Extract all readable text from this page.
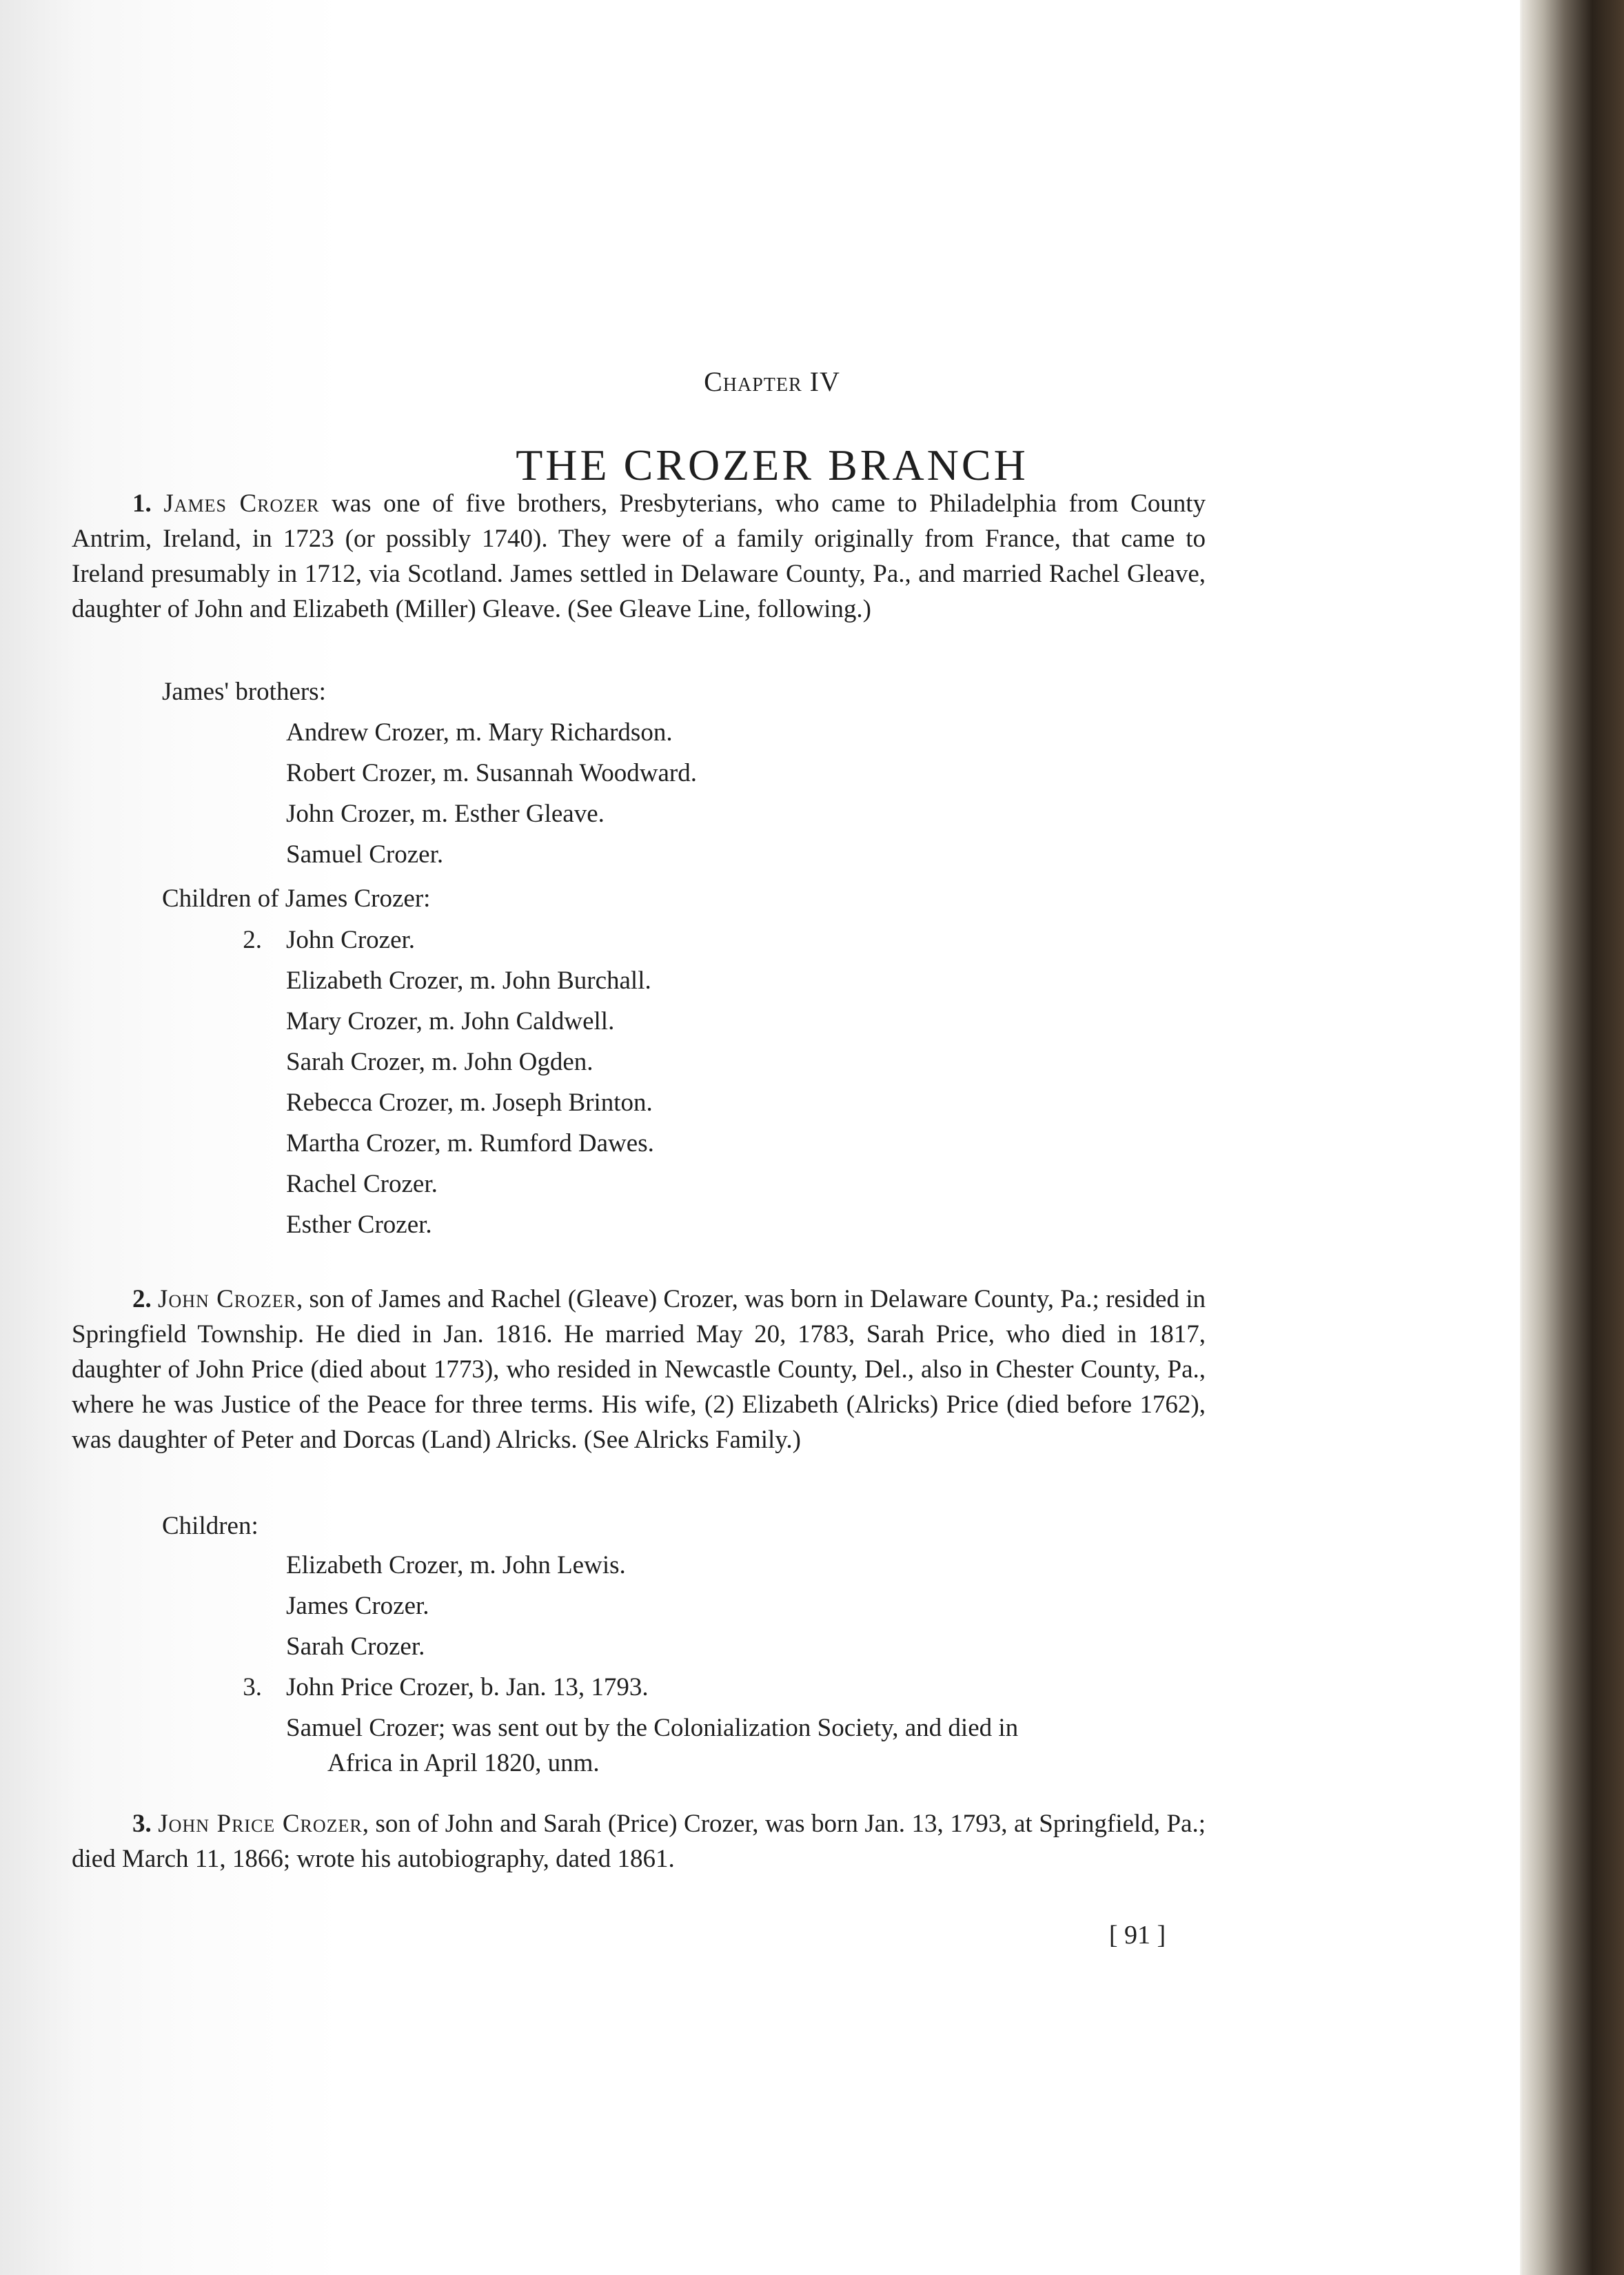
Chapter IV
THE CROZER BRANCH

1. James Crozer was one of five brothers, Presbyterians, who came to Philadelphia from County Antrim, Ireland, in 1723 (or possibly 1740). They were of a family originally from France, that came to Ireland presumably in 1712, via Scotland. James settled in Delaware County, Pa., and married Rachel Gleave, daughter of John and Elizabeth (Miller) Gleave. (See Gleave Line, following.)

James' brothers:
Andrew Crozer, m. Mary Richardson.
Robert Crozer, m. Susannah Woodward.
John Crozer, m. Esther Gleave.
Samuel Crozer.
Children of James Crozer:
2. John Crozer.
Elizabeth Crozer, m. John Burchall.
Mary Crozer, m. John Caldwell.
Sarah Crozer, m. John Ogden.
Rebecca Crozer, m. Joseph Brinton.
Martha Crozer, m. Rumford Dawes.
Rachel Crozer.
Esther Crozer.

2. John Crozer, son of James and Rachel (Gleave) Crozer, was born in Delaware County, Pa.; resided in Springfield Township. He died in Jan. 1816. He married May 20, 1783, Sarah Price, who died in 1817, daughter of John Price (died about 1773), who resided in Newcastle County, Del., also in Chester County, Pa., where he was Justice of the Peace for three terms. His wife, (2) Elizabeth (Alricks) Price (died before 1762), was daughter of Peter and Dorcas (Land) Alricks. (See Alricks Family.)

Children:
Elizabeth Crozer, m. John Lewis.
James Crozer.
Sarah Crozer.
3. John Price Crozer, b. Jan. 13, 1793.
Samuel Crozer; was sent out by the Colonialization Society, and died in
Africa in April 1820, unm.

3. John Price Crozer, son of John and Sarah (Price) Crozer, was born Jan. 13, 1793, at Springfield, Pa.; died March 11, 1866; wrote his autobiography, dated 1861.

[ 91 ]
